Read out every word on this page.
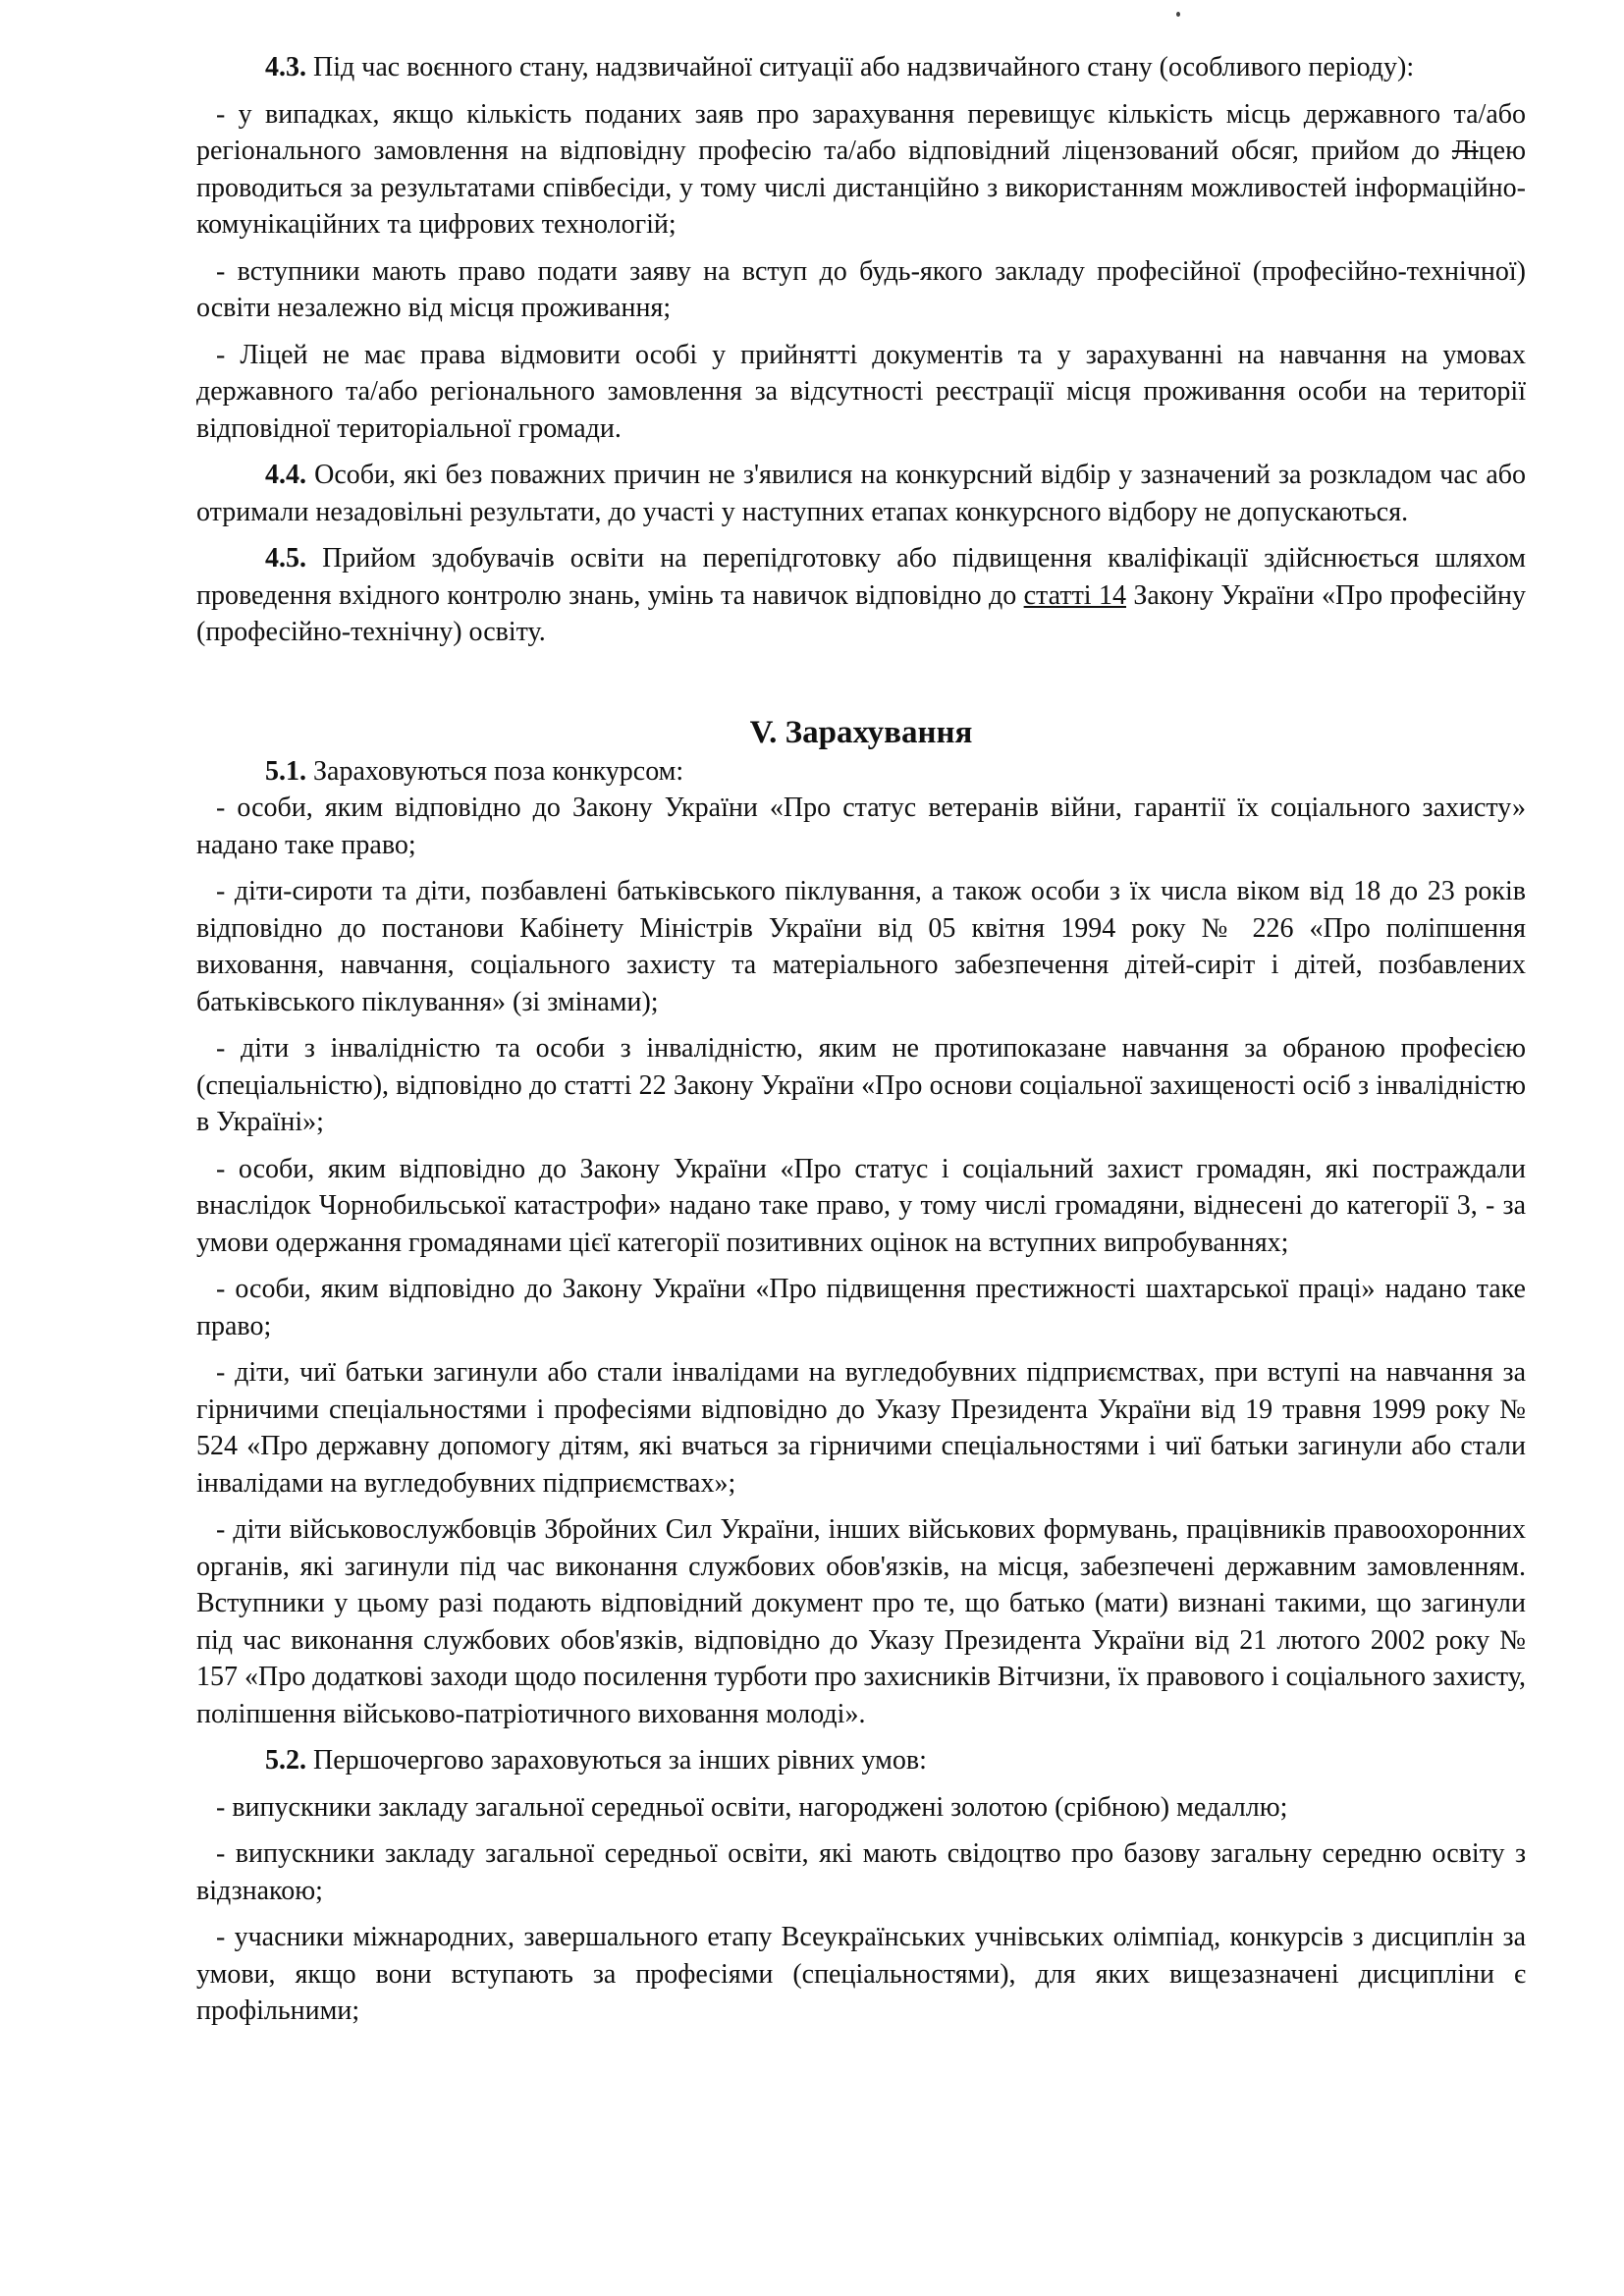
4.3. Під час воєнного стану, надзвичайної ситуації або надзвичайного стану (особливого періоду):

- у випадках, якщо кількість поданих заяв про зарахування перевищує кількість місць державного та/або регіонального замовлення на відповідну професію та/або відповідний ліцензований обсяг, прийом до Ліцею проводиться за результатами співбесіди, у тому числі дистанційно з використанням можливостей інформаційно-комунікаційних та цифрових технологій;

- вступники мають право подати заяву на вступ до будь-якого закладу професійної (професійно-технічної) освіти незалежно від місця проживання;

- Ліцей не має права відмовити особі у прийнятті документів та у зарахуванні на навчання на умовах державного та/або регіонального замовлення за відсутності реєстрації місця проживання особи на території відповідної територіальної громади.

4.4. Особи, які без поважних причин не з'явилися на конкурсний відбір у зазначений за розкладом час або отримали незадовільні результати, до участі у наступних етапах конкурсного відбору не допускаються.

4.5. Прийом здобувачів освіти на перепідготовку або підвищення кваліфікації здійснюється шляхом проведення вхідного контролю знань, умінь та навичок відповідно до статті 14 Закону України «Про професійну (професійно-технічну) освіту.

V. Зарахування

5.1. Зараховуються поза конкурсом:

- особи, яким відповідно до Закону України «Про статус ветеранів війни, гарантії їх соціального захисту» надано таке право;

- діти-сироти та діти, позбавлені батьківського піклування, а також особи з їх числа віком від 18 до 23 років відповідно до постанови Кабінету Міністрів України від 05 квітня 1994 року № 226 «Про поліпшення виховання, навчання, соціального захисту та матеріального забезпечення дітей-сиріт і дітей, позбавлених батьківського піклування» (зі змінами);

- діти з інвалідністю та особи з інвалідністю, яким не протипоказане навчання за обраною професією (спеціальністю), відповідно до статті 22 Закону України «Про основи соціальної захищеності осіб з інвалідністю в Україні»;

- особи, яким відповідно до Закону України «Про статус і соціальний захист громадян, які постраждали внаслідок Чорнобильської катастрофи» надано таке право, у тому числі громадяни, віднесені до категорії 3, - за умови одержання громадянами цієї категорії позитивних оцінок на вступних випробуваннях;

- особи, яким відповідно до Закону України «Про підвищення престижності шахтарської праці» надано таке право;

- діти, чиї батьки загинули або стали інвалідами на вугледобувних підприємствах, при вступі на навчання за гірничими спеціальностями і професіями відповідно до Указу Президента України від 19 травня 1999 року № 524 «Про державну допомогу дітям, які вчаться за гірничими спеціальностями і чиї батьки загинули або стали інвалідами на вугледобувних підприємствах»;

- діти військовослужбовців Збройних Сил України, інших військових формувань, працівників правоохоронних органів, які загинули під час виконання службових обов'язків, на місця, забезпечені державним замовленням. Вступники у цьому разі подають відповідний документ про те, що батько (мати) визнані такими, що загинули під час виконання службових обов'язків, відповідно до Указу Президента України від 21 лютого 2002 року № 157 «Про додаткові заходи щодо посилення турботи про захисників Вітчизни, їх правового і соціального захисту, поліпшення військово-патріотичного виховання молоді».

5.2. Першочергово зараховуються за інших рівних умов:

- випускники закладу загальної середньої освіти, нагороджені золотою (срібною) медаллю;

- випускники закладу загальної середньої освіти, які мають свідоцтво про базову загальну середню освіту з відзнакою;

- учасники міжнародних, завершального етапу Всеукраїнських учнівських олімпіад, конкурсів з дисциплін за умови, якщо вони вступають за професіями (спеціальностями), для яких вищезазначені дисципліни є профільними;
